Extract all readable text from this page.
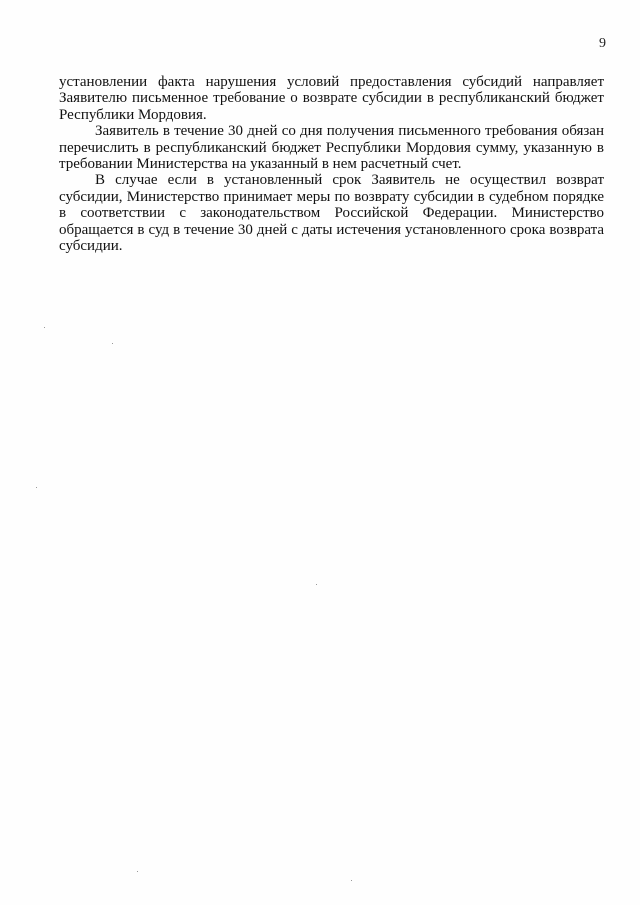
9

установлении факта нарушения условий предоставления субсидий направляет Заявителю письменное требование о возврате субсидии в республиканский бюджет Республики Мордовия.

Заявитель в течение 30 дней со дня получения письменного требования обязан перечислить в республиканский бюджет Республики Мордовия сумму, указанную в требовании Министерства на указанный в нем расчетный счет.

В случае если в установленный срок Заявитель не осуществил возврат субсидии, Министерство принимает меры по возврату субсидии в судебном порядке в соответствии с законодательством Российской Федерации. Министерство обращается в суд в течение 30 дней с даты истечения установленного срока возврата субсидии.
